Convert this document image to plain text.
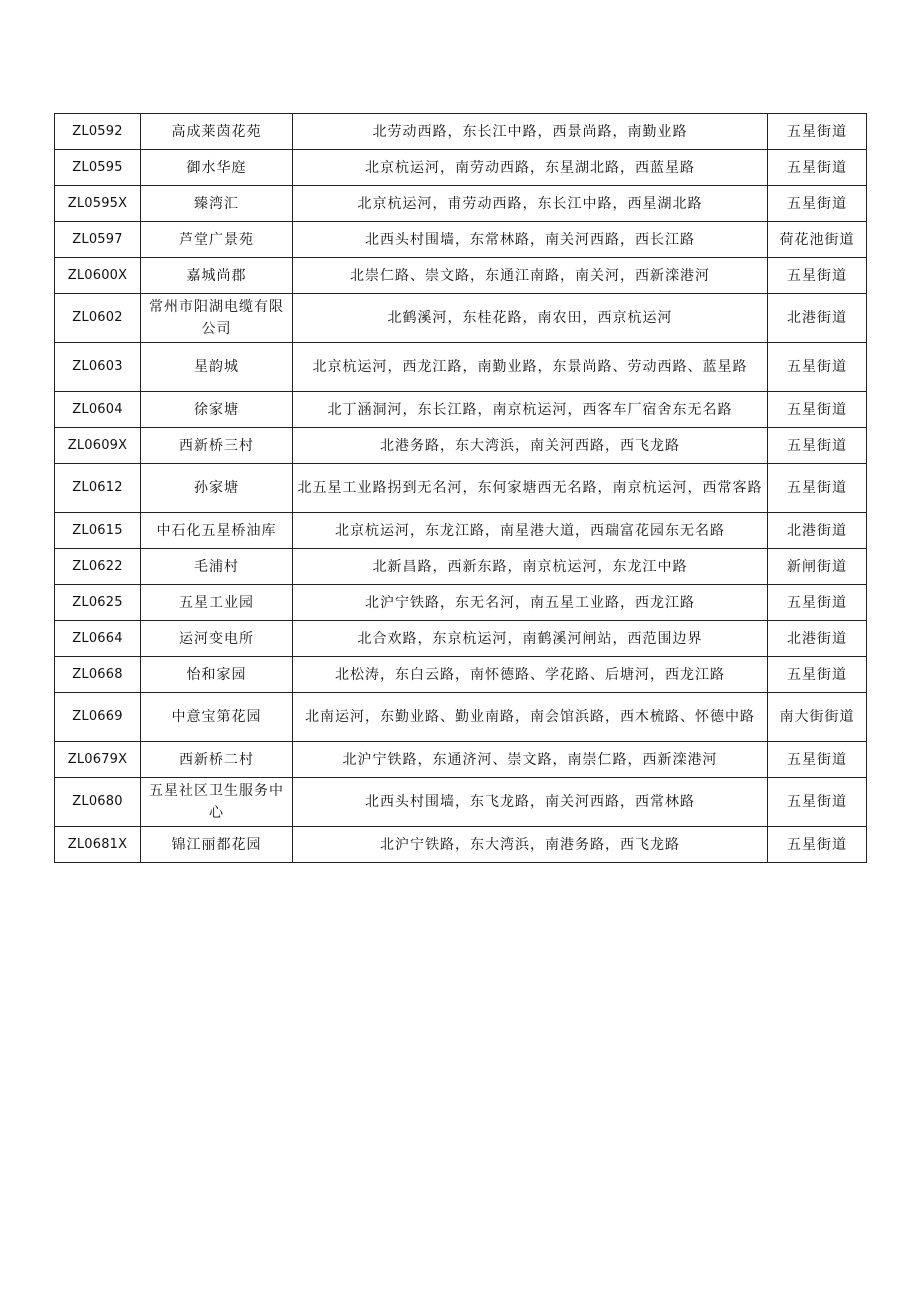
ZL0592	高成莱茵花苑	北劳动西路，东长江中路，西景尚路，南勤业路	五星街道
ZL0595	御水华庭	北京杭运河，南劳动西路，东星湖北路，西蓝星路	五星街道
ZL0595X	臻湾汇	北京杭运河，甫劳动西路，东长江中路，西星湖北路	五星街道
ZL0597	芦堂广景苑	北西头村围墙，东常林路，南关河西路，西长江路	荷花池街道
ZL0600X	嘉城尚郡	北崇仁路、崇文路，东通江南路，南关河，西新滦港河	五星街道
ZL0602	常州市阳湖电缆有限公司	北鹤溪河，东桂花路，南农田，西京杭运河	北港街道
ZL0603	星韵城	北京杭运河，西龙江路，南勤业路，东景尚路、劳动西路、蓝星路	五星街道
ZL0604	徐家塘	北丁涵洞河，东长江路，南京杭运河，西客车厂宿舍东无名路	五星街道
ZL0609X	西新桥三村	北港务路，东大湾浜，南关河西路，西飞龙路	五星街道
ZL0612	孙家塘	北五星工业路拐到无名河，东何家塘西无名路，南京杭运河，西常客路	五星街道
ZL0615	中石化五星桥油库	北京杭运河，东龙江路，南星港大道，西瑞富花园东无名路	北港街道
ZL0622	毛浦村	北新昌路，西新东路，南京杭运河，东龙江中路	新闸街道
ZL0625	五星工业园	北沪宁铁路，东无名河，南五星工业路，西龙江路	五星街道
ZL0664	运河变电所	北合欢路，东京杭运河，南鹤溪河闸站，西范围边界	北港街道
ZL0668	怡和家园	北松涛，东白云路，南怀德路、学花路、后塘河，西龙江路	五星街道
ZL0669	中意宝第花园	北南运河，东勤业路、勤业南路，南会馆浜路，西木梳路、怀德中路	南大街街道
ZL0679X	西新桥二村	北沪宁铁路，东通济河、崇文路，南崇仁路，西新滦港河	五星街道
ZL0680	五星社区卫生服务中心	北西头村围墙，东飞龙路，南关河西路，西常林路	五星街道
ZL0681X	锦江丽都花园	北沪宁铁路，东大湾浜，南港务路，西飞龙路	五星街道
